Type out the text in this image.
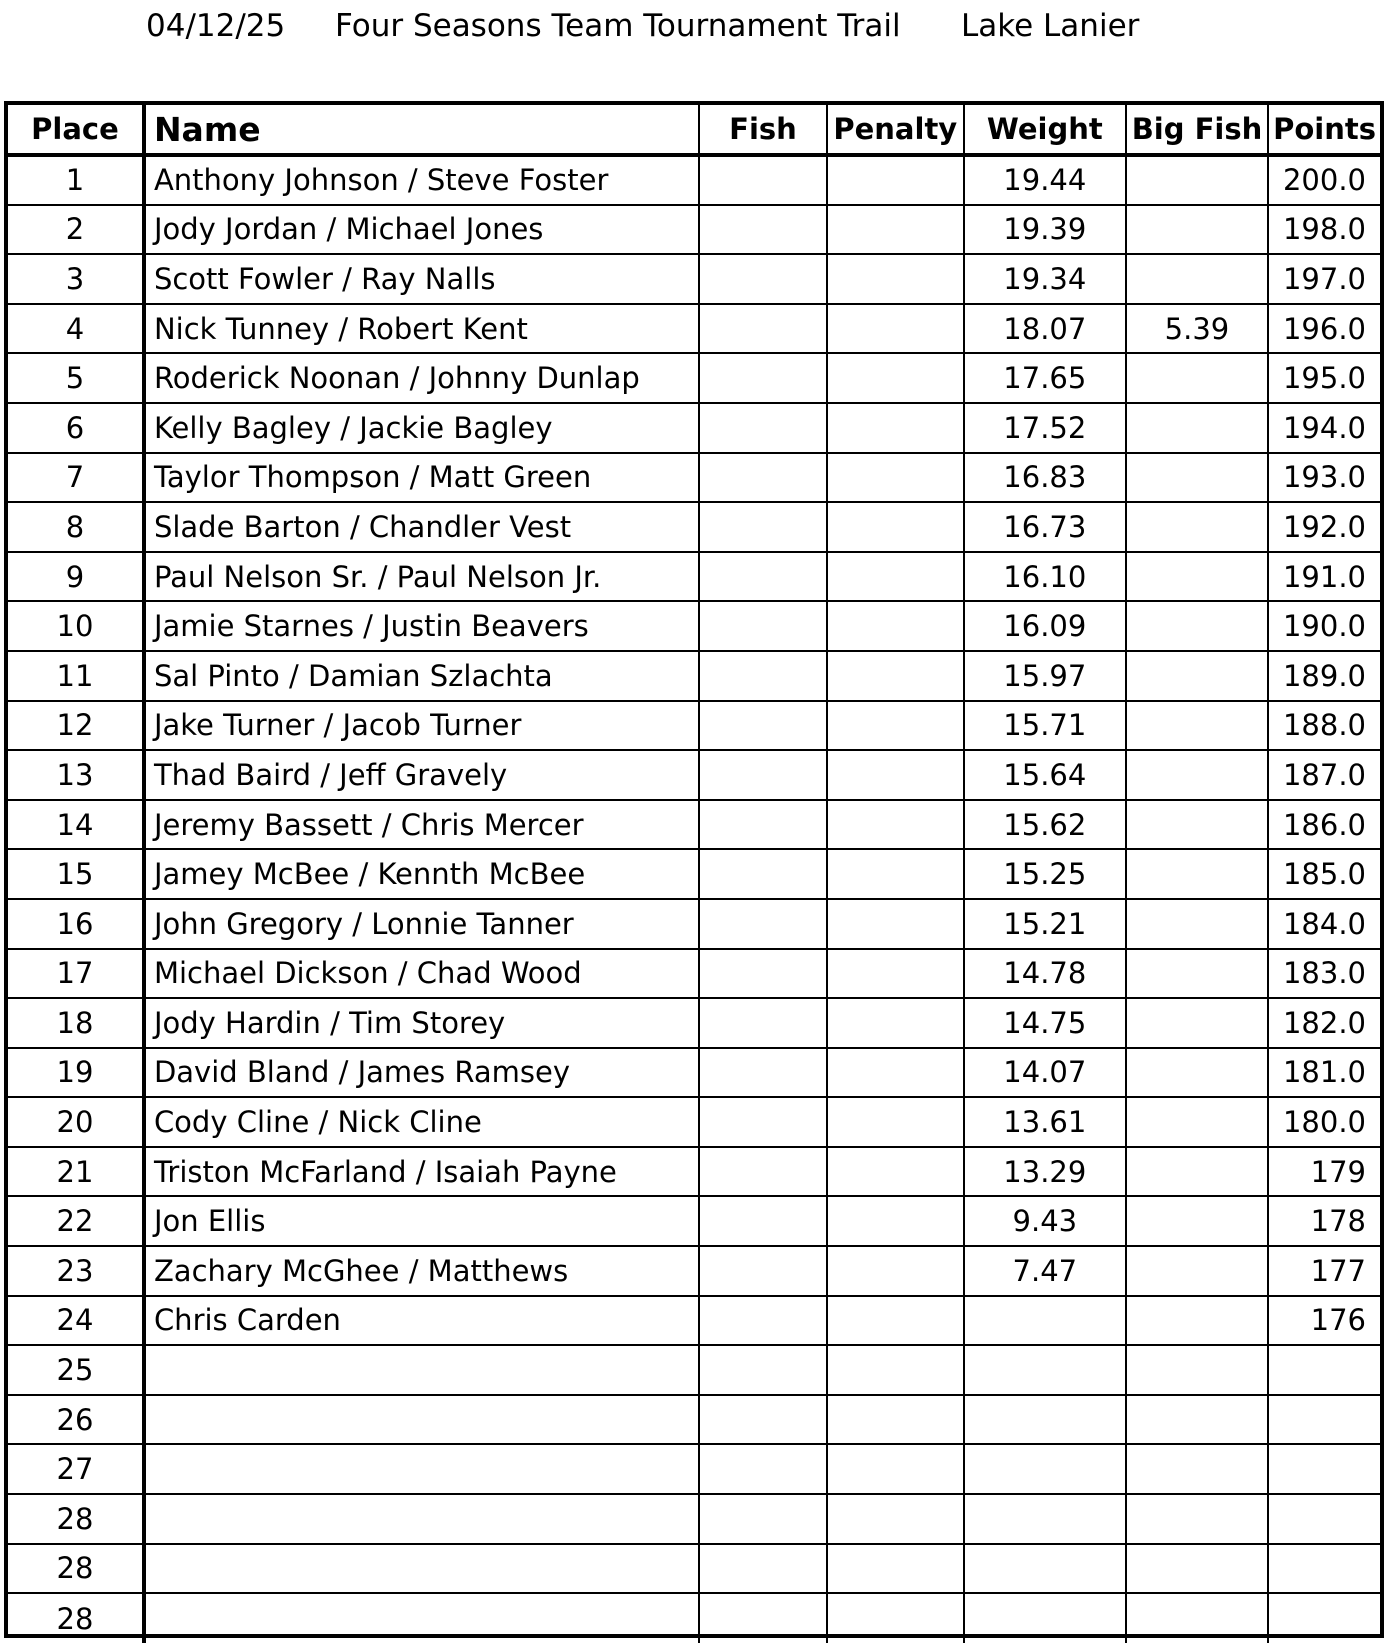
04/12/25 Four Seasons Team Tournament Trail Lake Lanier
Place	Name	Fish	Penalty	Weight	Big Fish	Points
1	Anthony Johnson / Steve Foster			19.44		200.0
2	Jody Jordan / Michael Jones			19.39		198.0
3	Scott Fowler / Ray Nalls			19.34		197.0
4	Nick Tunney / Robert Kent			18.07	5.39	196.0
5	Roderick Noonan / Johnny Dunlap			17.65		195.0
6	Kelly Bagley / Jackie Bagley			17.52		194.0
7	Taylor Thompson / Matt Green			16.83		193.0
8	Slade Barton / Chandler Vest			16.73		192.0
9	Paul Nelson Sr. / Paul Nelson Jr.			16.10		191.0
10	Jamie Starnes / Justin Beavers			16.09		190.0
11	Sal Pinto / Damian Szlachta			15.97		189.0
12	Jake Turner / Jacob Turner			15.71		188.0
13	Thad Baird / Jeff Gravely			15.64		187.0
14	Jeremy Bassett / Chris Mercer			15.62		186.0
15	Jamey McBee / Kennth McBee			15.25		185.0
16	John Gregory / Lonnie Tanner			15.21		184.0
17	Michael Dickson / Chad Wood			14.78		183.0
18	Jody Hardin / Tim Storey			14.75		182.0
19	David Bland / James Ramsey			14.07		181.0
20	Cody Cline / Nick Cline			13.61		180.0
21	Triston McFarland / Isaiah Payne			13.29		179
22	Jon Ellis			9.43		178
23	Zachary McGhee / Matthews			7.47		177
24	Chris Carden					176
25						
26						
27						
28						
28						
28						
